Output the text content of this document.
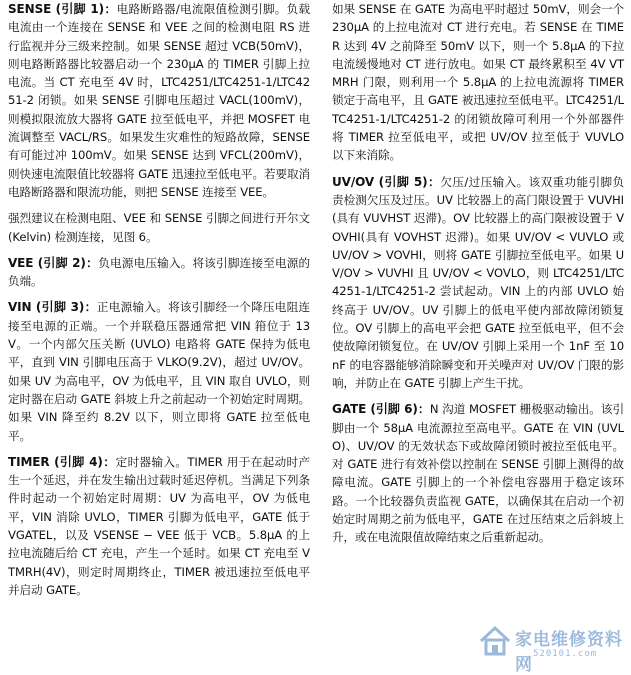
SENSE (引脚 1)：电路断路器/电流限值检测引脚。负载电流由一个连接在 SENSE 和 VEE 之间的检测电阻 RS 进行监视并分三级来控制。如果 SENSE 超过 VCB(50mV)，则电路断路器比较器启动一个 230μA 的 TIMER 引脚上拉电流。当 CT 充电至 4V 时，LTC4251/LTC4251-1/LTC4251-2 闭锁。如果 SENSE 引脚电压超过 VACL(100mV)，则模拟限流放大器将 GATE 拉至低电平，并把 MOSFET 电流调整至 VACL/RS。如果发生灾难性的短路故障，SENSE 有可能过冲 100mV。如果 SENSE 达到 VFCL(200mV)，则快速电流限值比较器将 GATE 迅速拉至低电平。若要取消电路断路器和限流功能，则把 SENSE 连接至 VEE。

强烈建议在检测电阻、VEE 和 SENSE 引脚之间进行开尔文 (Kelvin) 检测连接，见图 6。

VEE (引脚 2)：负电源电压输入。将该引脚连接至电源的负端。

VIN (引脚 3)：正电源输入。将该引脚经一个降压电阻连接至电源的正端。一个并联稳压器通常把 VIN 箝位于 13V。一个内部欠压关断 (UVLO) 电路将 GATE 保持为低电平，直到 VIN 引脚电压高于 VLKO(9.2V)，超过 UV/OV。如果 UV 为高电平，OV 为低电平，且 VIN 取自 UVLO，则定时器在启动 GATE 斜坡上升之前起动一个初始定时周期。如果 VIN 降至约 8.2V 以下，则立即将 GATE 拉至低电平。

TIMER (引脚 4)：定时器输入。TIMER 用于在起动时产生一个延迟，并在发生输出过载时延迟停机。当满足下列条件时起动一个初始定时周期：UV 为高电平，OV 为低电平，VIN 消除 UVLO，TIMER 引脚为低电平，GATE 低于 VGATEL，以及 VSENSE − VEE 低于 VCB。5.8μA 的上拉电流随后给 CT 充电，产生一个延时。如果 CT 充电至 VTMRH(4V)，则定时周期终止，TIMER 被迅速拉至低电平并启动 GATE。

如果 SENSE 在 GATE 为高电平时超过 50mV，则会一个 230μA 的上拉电流对 CT 进行充电。若 SENSE 在 TIMER 达到 4V 之前降至 50mV 以下，则一个 5.8μA 的下拉电流缓慢地对 CT 进行放电。如果 CT 最终累积至 4V VTMRH 门限，则利用一个 5.8μA 的上拉电流源将 TIMER 锁定于高电平，且 GATE 被迅速拉至低电平。LTC4251/LTC4251-1/LTC4251-2 的闭锁故障可利用一个外部器件将 TIMER 拉至低电平，或把 UV/OV 拉至低于 VUVLO 以下来消除。

UV/OV (引脚 5)：欠压/过压输入。该双重功能引脚负责检测欠压及过压。UV 比较器上的高门限设置于 VUVHI(具有 VUVHST 迟滞)。OV 比较器上的高门限被设置于 VOVHI(具有 VOVHST 迟滞)。如果 UV/OV < VUVLO 或 UV/OV > VOVHI，则将 GATE 引脚拉至低电平。如果 UV/OV > VUVHI 且 UV/OV < VOVLO，则 LTC4251/LTC4251-1/LTC4251-2 尝试起动。VIN 上的内部 UVLO 始终高于 UV/OV。UV 引脚上的低电平使内部故障闭锁复位。OV 引脚上的高电平会把 GATE 拉至低电平，但不会使故障闭锁复位。在 UV/OV 引脚上采用一个 1nF 至 10nF 的电容器能够消除瞬变和开关噪声对 UV/OV 门限的影响，并防止在 GATE 引脚上产生干扰。

GATE (引脚 6)：N 沟道 MOSFET 栅极驱动输出。该引脚由一个 58μA 电流源拉至高电平。GATE 在 VIN (UVLO)、UV/OV 的无效状态下或故障闭锁时被拉至低电平。对 GATE 进行有效补偿以控制在 SENSE 引脚上测得的故障电流。GATE 引脚上的一个补偿电容器用于稳定该环路。一个比较器负责监视 GATE，以确保其在启动一个初始定时周期之前为低电平，GATE 在过压结束之后斜坡上升，或在电流限值故障结束之后重新起动。

家电维修资料网
520101.com
